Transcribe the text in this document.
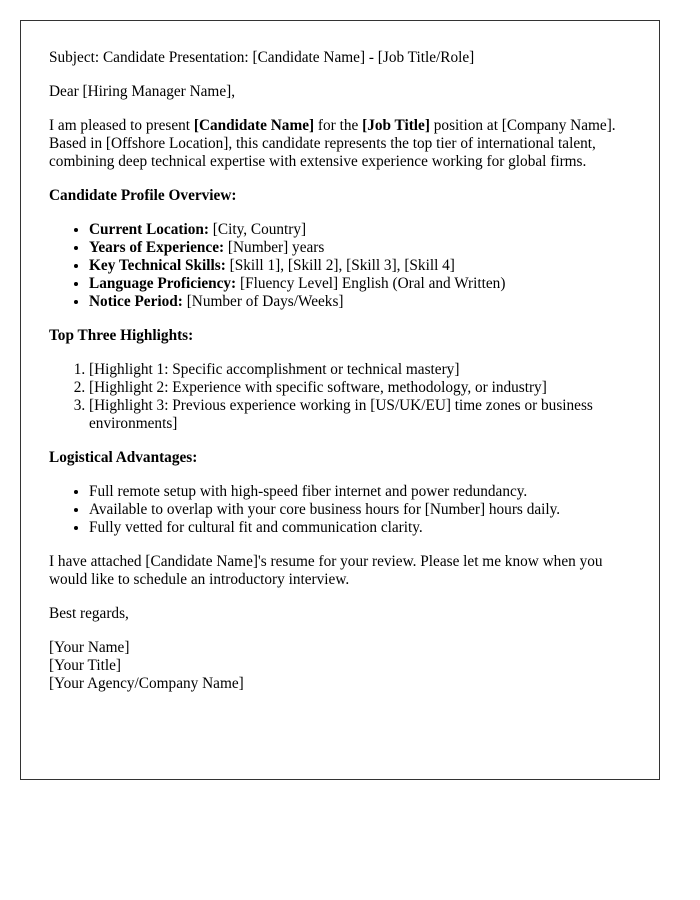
Subject: Candidate Presentation: [Candidate Name] - [Job Title/Role]

Dear [Hiring Manager Name],

I am pleased to present [Candidate Name] for the [Job Title] position at [Company Name]. Based in [Offshore Location], this candidate represents the top tier of international talent, combining deep technical expertise with extensive experience working for global firms.

Candidate Profile Overview:

• Current Location: [City, Country]
• Years of Experience: [Number] years
• Key Technical Skills: [Skill 1], [Skill 2], [Skill 3], [Skill 4]
• Language Proficiency: [Fluency Level] English (Oral and Written)
• Notice Period: [Number of Days/Weeks]

Top Three Highlights:

1. [Highlight 1: Specific accomplishment or technical mastery]
2. [Highlight 2: Experience with specific software, methodology, or industry]
3. [Highlight 3: Previous experience working in [US/UK/EU] time zones or business environments]

Logistical Advantages:

• Full remote setup with high-speed fiber internet and power redundancy.
• Available to overlap with your core business hours for [Number] hours daily.
• Fully vetted for cultural fit and communication clarity.

I have attached [Candidate Name]'s resume for your review. Please let me know when you would like to schedule an introductory interview.

Best regards,

[Your Name]
[Your Title]
[Your Agency/Company Name]
